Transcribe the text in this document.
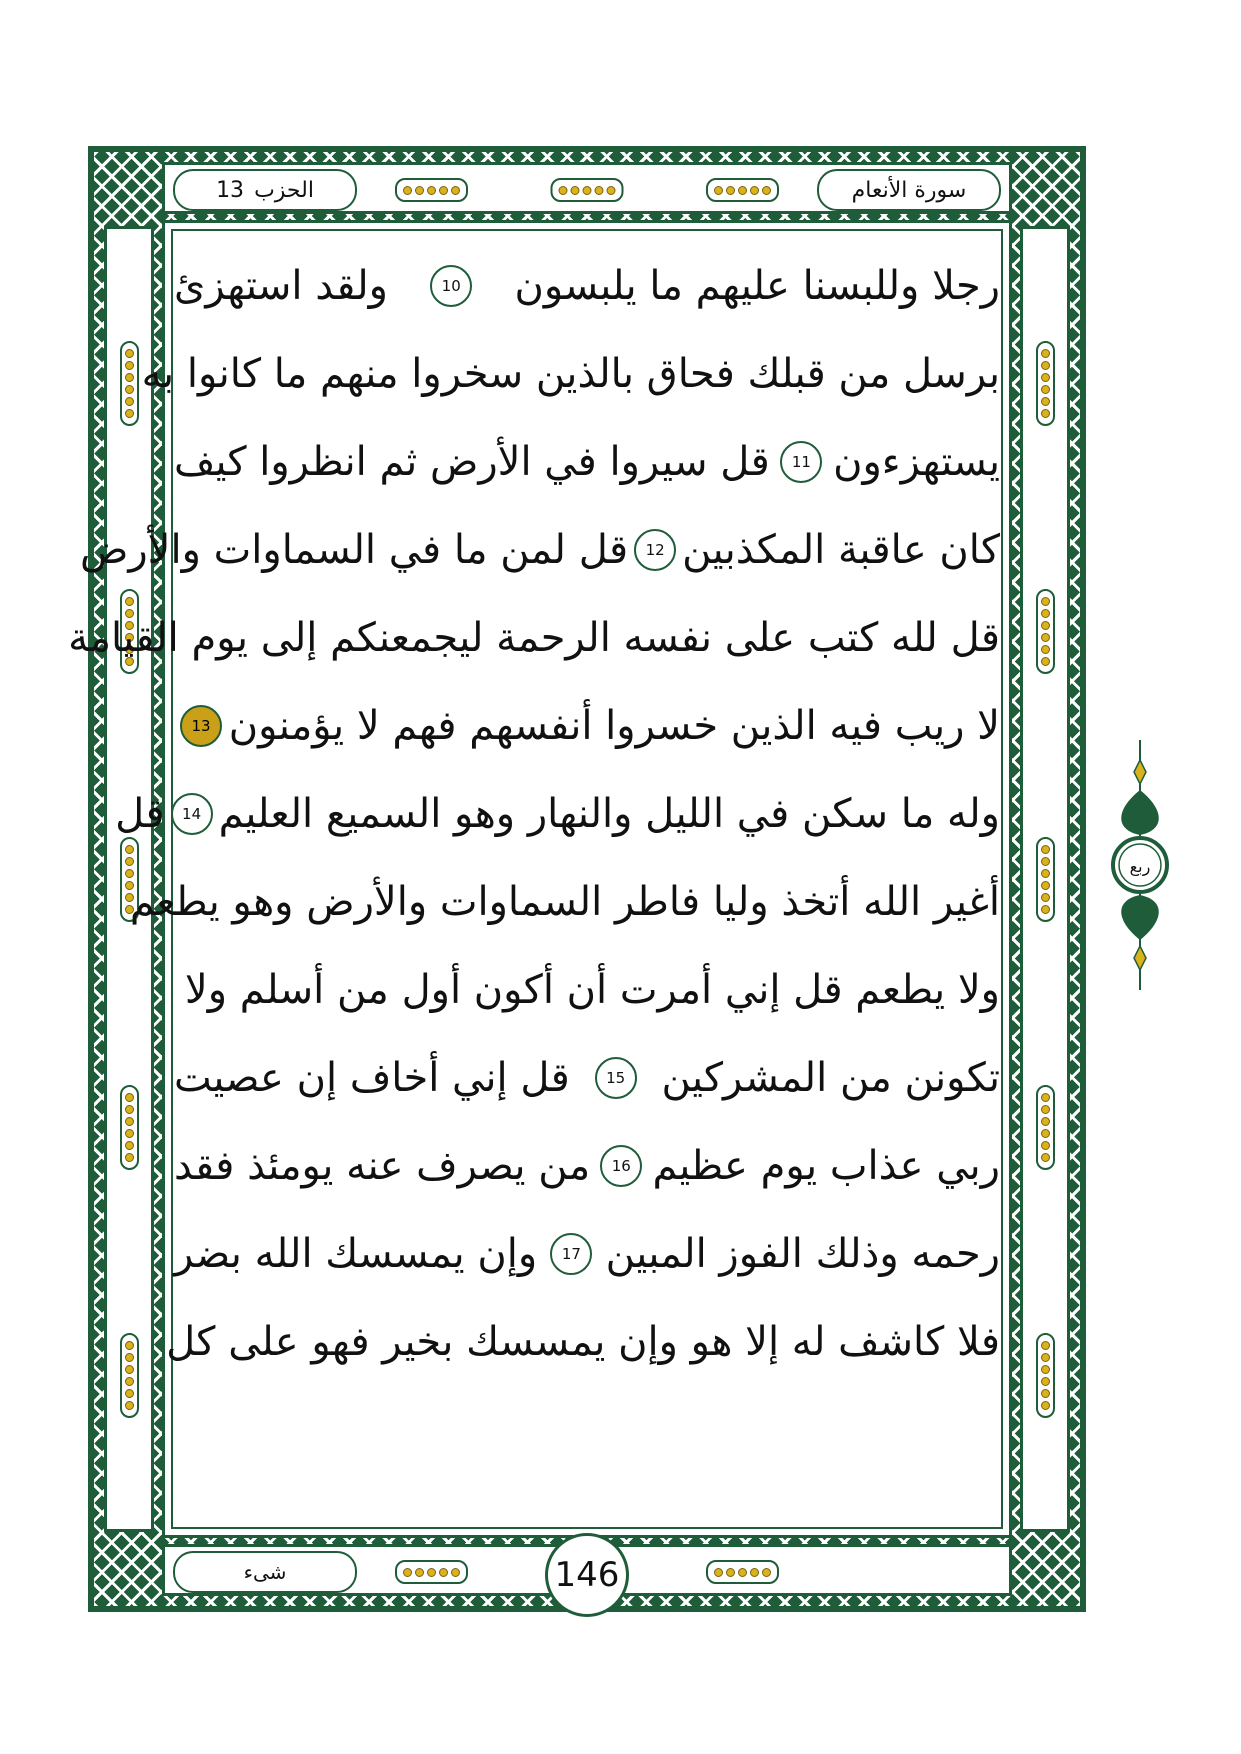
سورة الأنعام
الحزب
13
رجلا وللبسنا عليهم ما يلبسون
10
ولقد استهزئ
برسل من قبلك فحاق بالذين سخروا منهم ما كانوا به
يستهزءون
11
قل سيروا في الأرض ثم انظروا كيف
كان عاقبة المكذبين
12
قل لمن ما في السماوات والأرض
قل لله كتب على نفسه الرحمة ليجمعنكم إلى يوم القيامة
لا ريب فيه الذين خسروا أنفسهم فهم لا يؤمنون
13
وله ما سكن في الليل والنهار وهو السميع العليم
14
قل
أغير الله أتخذ وليا فاطر السماوات والأرض وهو يطعم
ولا يطعم قل إني أمرت أن أكون أول من أسلم ولا
تكونن من المشركين
15
قل إني أخاف إن عصيت
ربي عذاب يوم عظيم
16
من يصرف عنه يومئذ فقد
رحمه وذلك الفوز المبين
17
وإن يمسسك الله بضر
فلا كاشف له إلا هو وإن يمسسك بخير فهو على كل
شىء	146
ربع
